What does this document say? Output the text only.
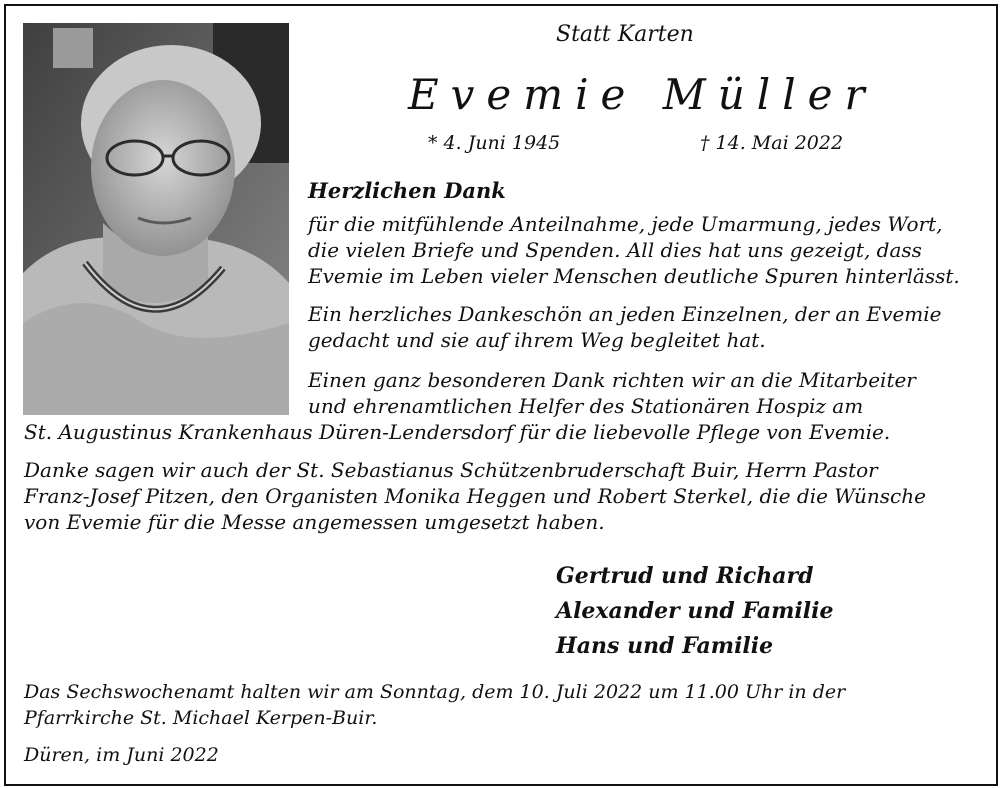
Statt Karten
Evemie Müller
* 4. Juni 1945	† 14. Mai 2022
Herzlichen Dank
für die mitfühlende Anteilnahme, jede Umarmung, jedes Wort,
die vielen Briefe und Spenden. All dies hat uns gezeigt, dass
Evemie im Leben vieler Menschen deutliche Spuren hinterlässt.
Ein herzliches Dankeschön an jeden Einzelnen, der an Evemie
gedacht und sie auf ihrem Weg begleitet hat.
Einen ganz besonderen Dank richten wir an die Mitarbeiter
und ehrenamtlichen Helfer des Stationären Hospiz am
St. Augustinus Krankenhaus Düren-Lendersdorf für die liebevolle Pflege von Evemie.
Danke sagen wir auch der St. Sebastianus Schützenbruderschaft Buir, Herrn Pastor
Franz-Josef Pitzen, den Organisten Monika Heggen und Robert Sterkel, die die Wünsche
von Evemie für die Messe angemessen umgesetzt haben.
Gertrud und Richard
Alexander und Familie
Hans und Familie
Das Sechswochenamt halten wir am Sonntag, dem 10. Juli 2022 um 11.00 Uhr in der
Pfarrkirche St. Michael Kerpen-Buir.
Düren, im Juni 2022
